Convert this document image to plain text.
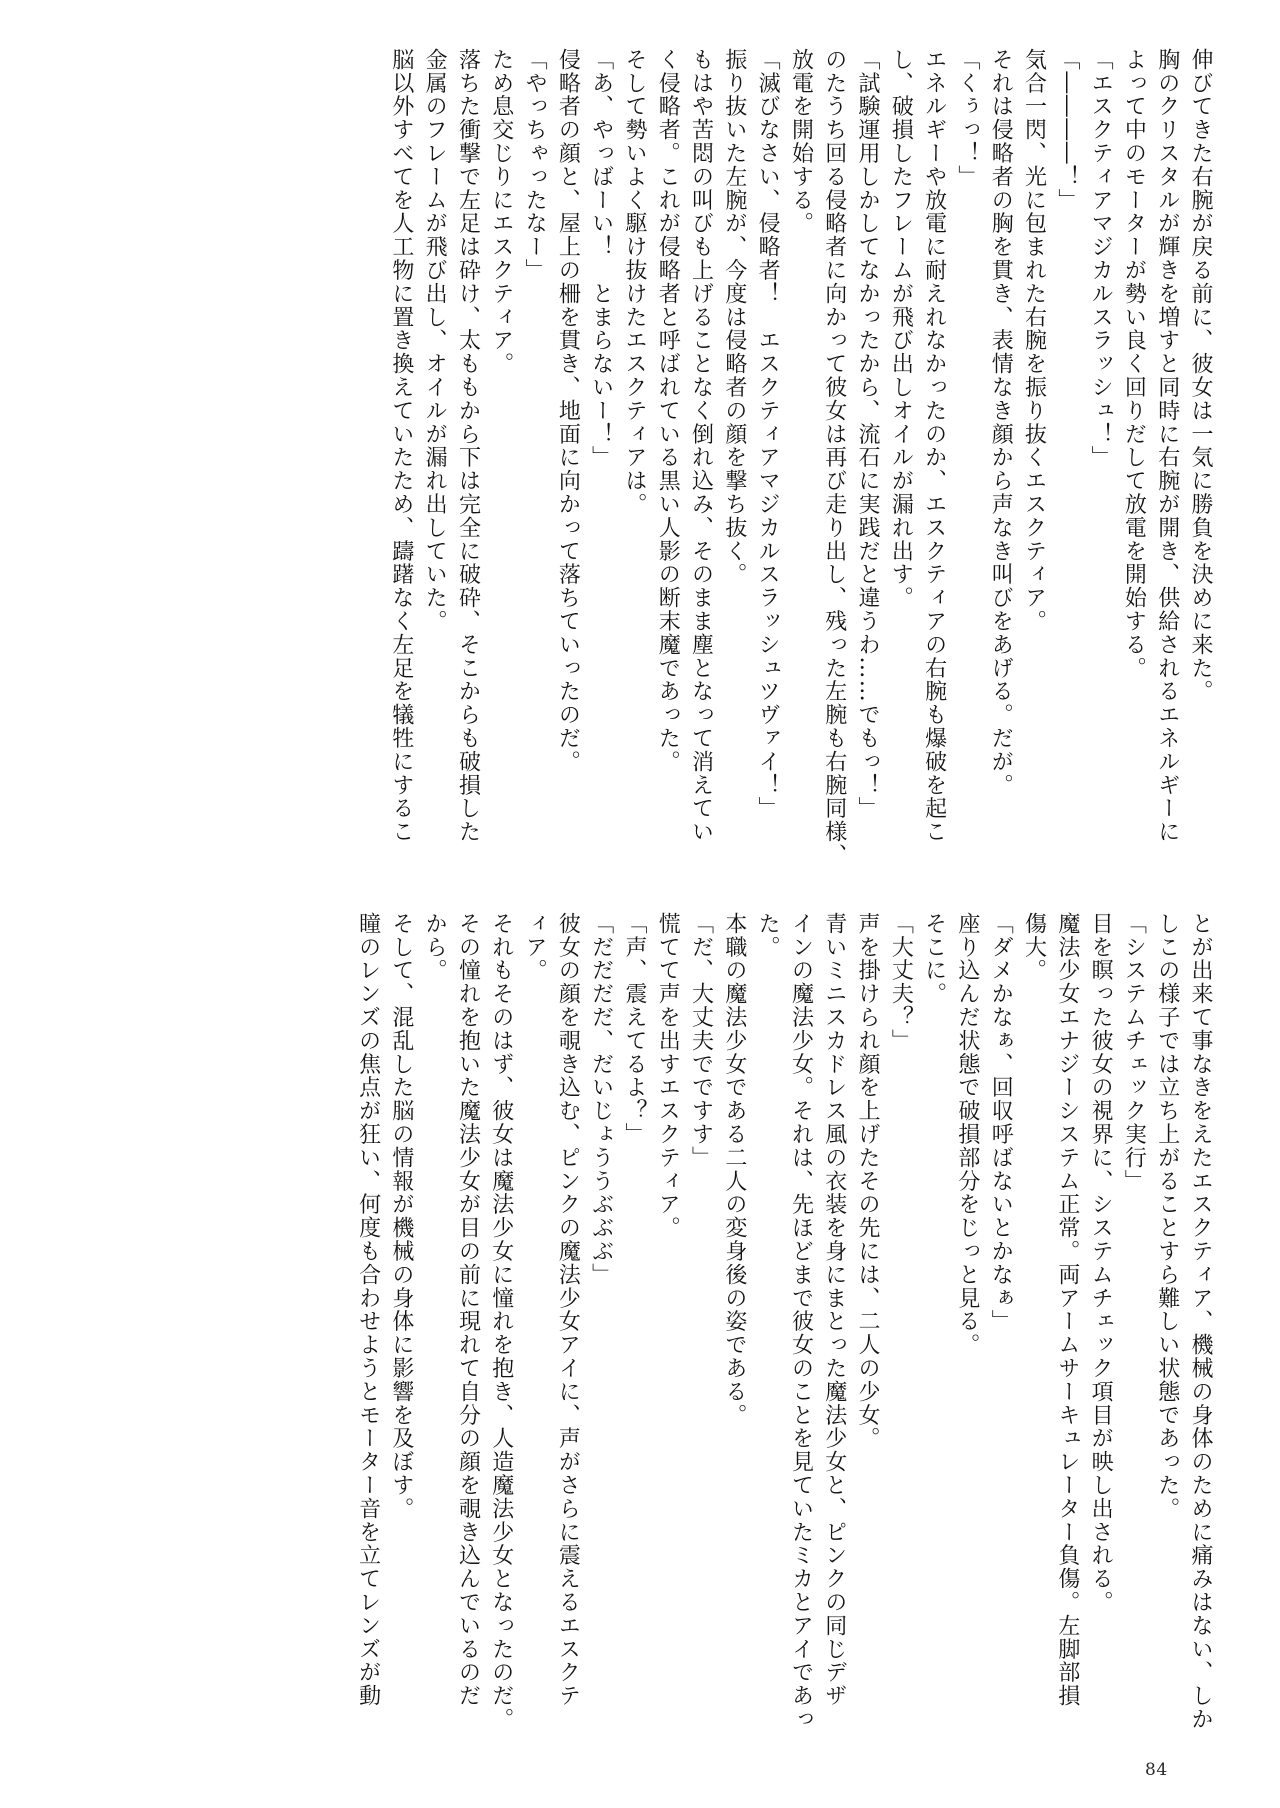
伸びてきた右腕が戻る前に、彼女は一気に勝負を決めに来た。
胸のクリスタルが輝きを増すと同時に右腕が開き、供給されるエネルギーに
よって中のモーターが勢い良く回りだして放電を開始する。
「エスクティアマジカルスラッシュ！」
「――――！」
気合一閃、光に包まれた右腕を振り抜くエスクティア。
それは侵略者の胸を貫き、表情なき顔から声なき叫びをあげる。だが。
「くぅっ！」
エネルギーや放電に耐えれなかったのか、エスクティアの右腕も爆破を起こ
し、破損したフレームが飛び出しオイルが漏れ出す。
「試験運用しかしてなかったから、流石に実践だと違うわ……でもっ！」
のたうち回る侵略者に向かって彼女は再び走り出し、残った左腕も右腕同様、
放電を開始する。
「滅びなさい、侵略者！　エスクティアマジカルスラッシュツヴァイ！」
振り抜いた左腕が、今度は侵略者の顔を撃ち抜く。
もはや苦悶の叫びも上げることなく倒れ込み、そのまま塵となって消えてい
く侵略者。これが侵略者と呼ばれている黒い人影の断末魔であった。
そして勢いよく駆け抜けたエスクティアは。
「あ、やっばーい！　とまらないー！」
侵略者の顔と、屋上の柵を貫き、地面に向かって落ちていったのだ。
「やっちゃったなー」
ため息交じりにエスクティア。
落ちた衝撃で左足は砕け、太ももから下は完全に破砕、そこからも破損した
金属のフレームが飛び出し、オイルが漏れ出していた。
脳以外すべてを人工物に置き換えていたため、躊躇なく左足を犠牲にするこ
とが出来て事なきをえたエスクティア、機械の身体のために痛みはない、しか
しこの様子では立ち上がることすら難しい状態であった。
「システムチェック実行」
目を瞑った彼女の視界に、システムチェック項目が映し出される。
魔法少女エナジーシステム正常。両アームサーキュレーター負傷。左脚部損
傷大。
「ダメかなぁ、回収呼ばないとかなぁ」
座り込んだ状態で破損部分をじっと見る。
そこに。
「大丈夫？」
声を掛けられ顔を上げたその先には、二人の少女。
青いミニスカドレス風の衣装を身にまとった魔法少女と、ピンクの同じデザ
インの魔法少女。それは、先ほどまで彼女のことを見ていたミカとアイであっ
た。
本職の魔法少女である二人の変身後の姿である。
「だ、大丈夫でですす」
慌てて声を出すエスクティア。
「声、震えてるよ？」
「だだだだ、だいじょううぶぶぶ」
彼女の顔を覗き込む、ピンクの魔法少女アイに、声がさらに震えるエスクテ
ィア。
それもそのはず、彼女は魔法少女に憧れを抱き、人造魔法少女となったのだ。
その憧れを抱いた魔法少女が目の前に現れて自分の顔を覗き込んでいるのだ
から。
そして、混乱した脳の情報が機械の身体に影響を及ぼす。
瞳のレンズの焦点が狂い、何度も合わせようとモーター音を立てレンズが動
84
